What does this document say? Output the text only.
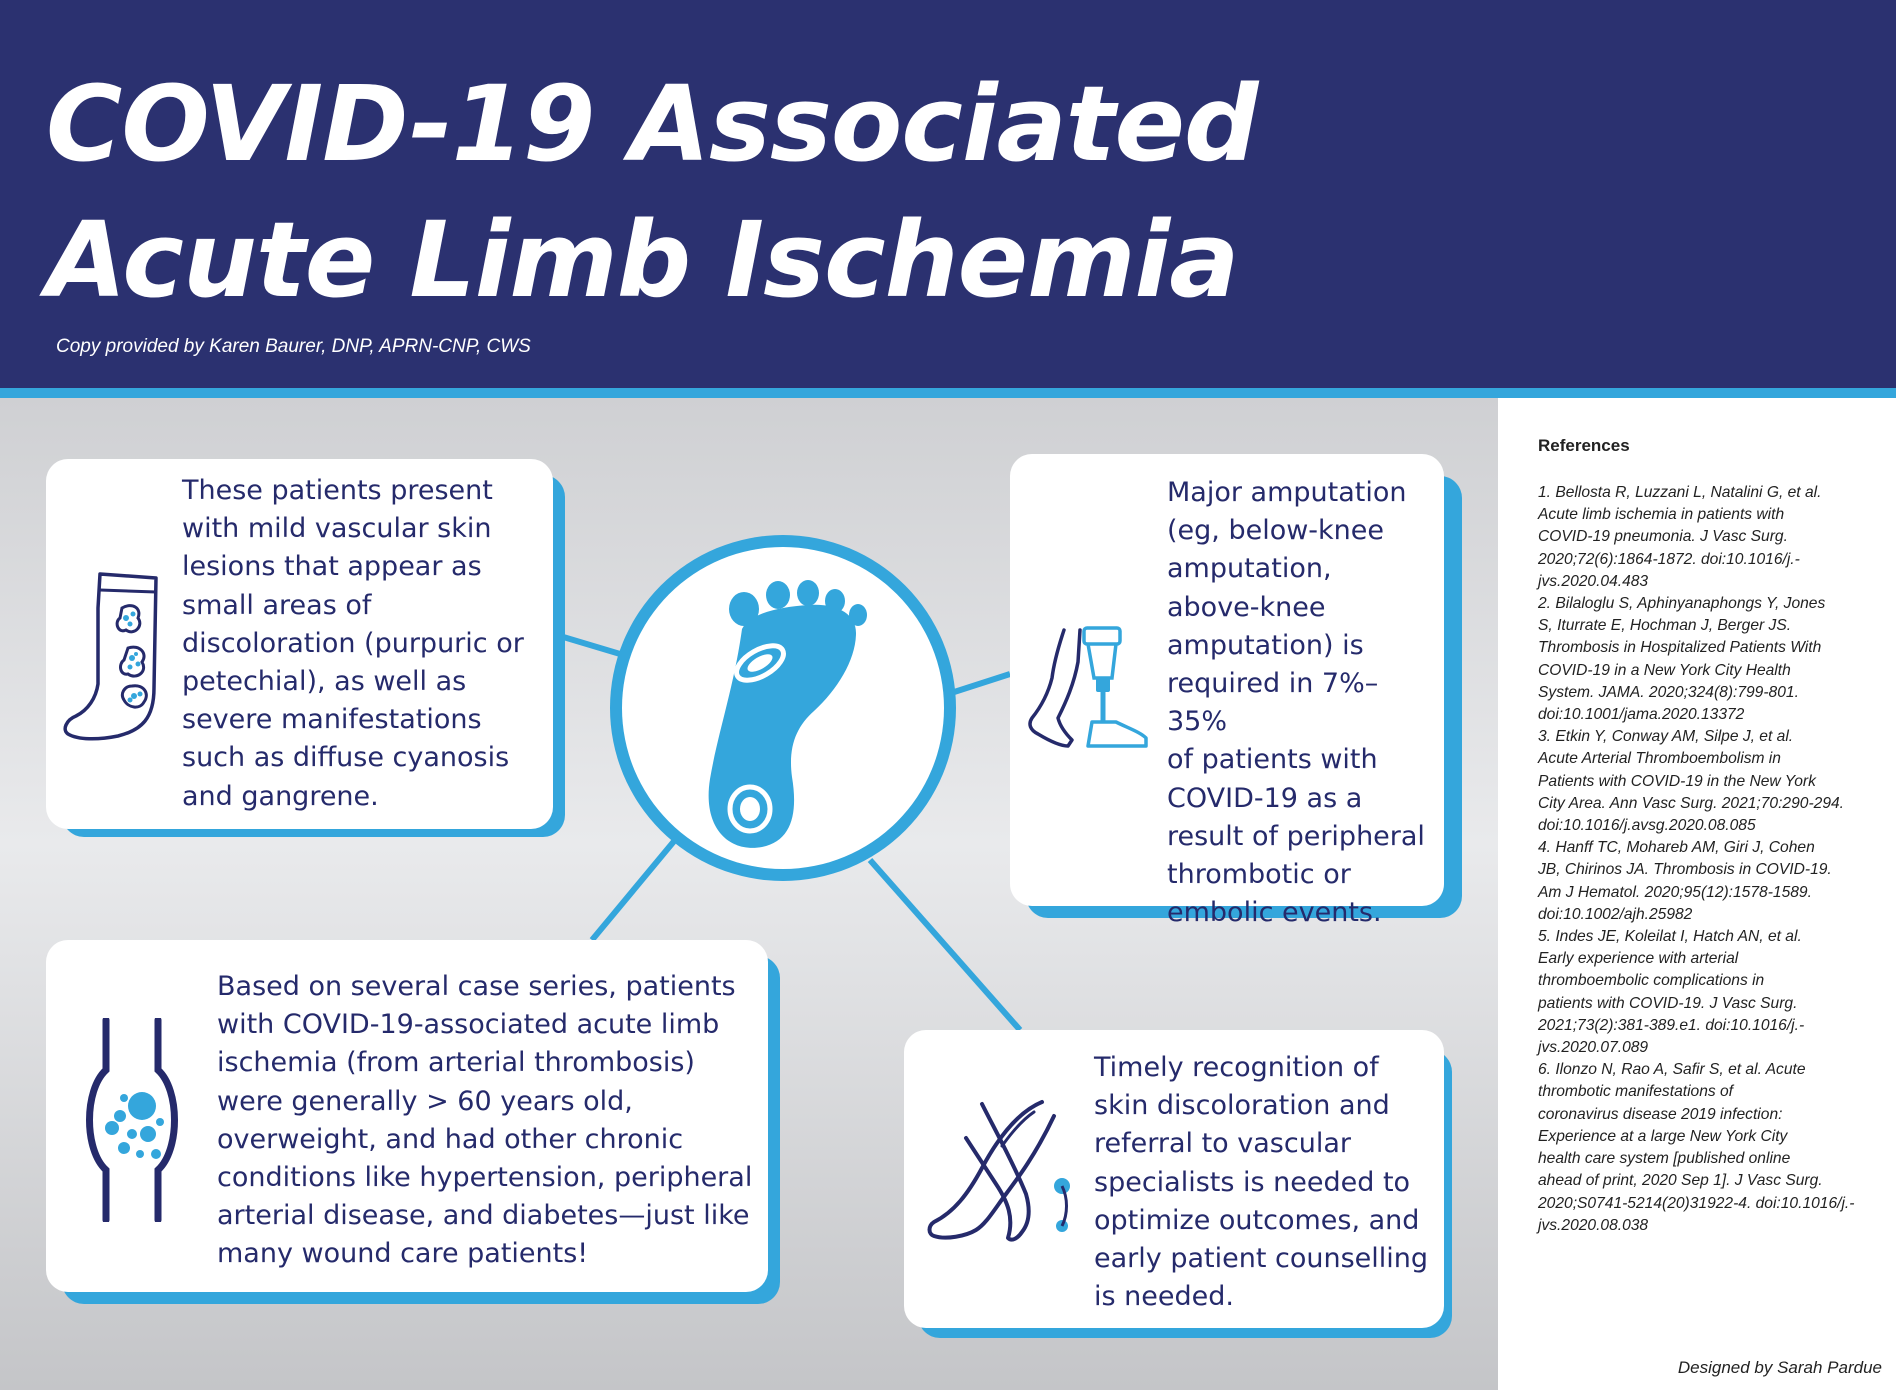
COVID-19 Associated
Acute Limb Ischemia
Copy provided by Karen Baurer, DNP, APRN-CNP, CWS
These patients present
with mild vascular skin
lesions that appear as
small areas of
discoloration (purpuric or
petechial), as well as
severe manifestations
such as diffuse cyanosis
and gangrene.
Major amputation
(eg, below-knee
amputation,
above-knee
amputation) is
required in 7%–35%
of patients with
COVID-19 as a
result of peripheral
thrombotic or
embolic events.
Based on several case series, patients
with COVID-19-associated acute limb
ischemia (from arterial thrombosis)
were generally > 60 years old,
overweight, and had other chronic
conditions like hypertension, peripheral
arterial disease, and diabetes—just like
many wound care patients!
Timely recognition of
skin discoloration and
referral to vascular
specialists is needed to
optimize outcomes, and
early patient counselling
is needed.
References
1. Bellosta R, Luzzani L, Natalini G, et al.
Acute limb ischemia in patients with
COVID-19 pneumonia. J Vasc Surg.
2020;72(6):1864-1872. doi:10.1016/j.-
jvs.2020.04.483
2. Bilaloglu S, Aphinyanaphongs Y, Jones
S, Iturrate E, Hochman J, Berger JS.
Thrombosis in Hospitalized Patients With
COVID-19 in a New York City Health
System. JAMA. 2020;324(8):799-801.
doi:10.1001/jama.2020.13372
3. Etkin Y, Conway AM, Silpe J, et al.
Acute Arterial Thromboembolism in
Patients with COVID-19 in the New York
City Area. Ann Vasc Surg. 2021;70:290-294.
doi:10.1016/j.avsg.2020.08.085
4. Hanff TC, Mohareb AM, Giri J, Cohen
JB, Chirinos JA. Thrombosis in COVID-19.
Am J Hematol. 2020;95(12):1578-1589.
doi:10.1002/ajh.25982
5. Indes JE, Koleilat I, Hatch AN, et al.
Early experience with arterial
thromboembolic complications in
patients with COVID-19. J Vasc Surg.
2021;73(2):381-389.e1. doi:10.1016/j.-
jvs.2020.07.089
6. Ilonzo N, Rao A, Safir S, et al. Acute
thrombotic manifestations of
coronavirus disease 2019 infection:
Experience at a large New York City
health care system [published online
ahead of print, 2020 Sep 1]. J Vasc Surg.
2020;S0741-5214(20)31922-4. doi:10.1016/j.-
jvs.2020.08.038
Designed by Sarah Pardue
